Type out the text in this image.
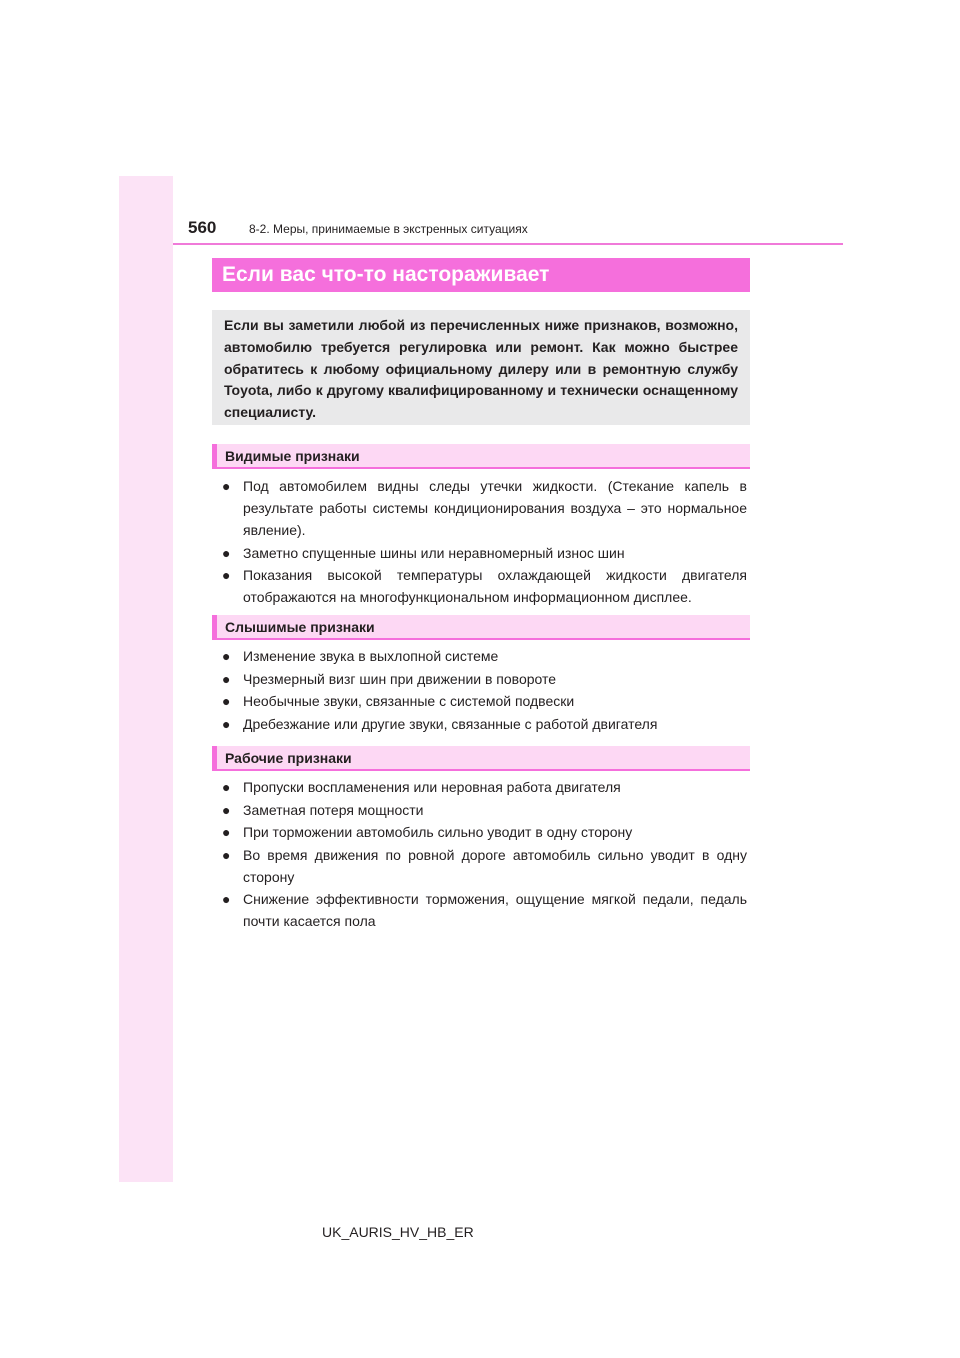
560	8-2. Меры, принимаемые в экстренных ситуациях
Если вас что-то настораживает

Если вы заметили любой из перечисленных ниже признаков, возможно, автомобилю требуется регулировка или ремонт. Как можно быстрее обратитесь к любому официальному дилеру или в ремонтную службу Toyota, либо к другому квалифицированному и технически оснащенному специалисту.

Видимые признаки
● Под автомобилем видны следы утечки жидкости. (Стекание капель в результате работы системы кондиционирования воздуха – это нормальное явление).
● Заметно спущенные шины или неравномерный износ шин
● Показания высокой температуры охлаждающей жидкости двигателя отображаются на многофункциональном информационном дисплее.
Слышимые признаки
● Изменение звука в выхлопной системе
● Чрезмерный визг шин при движении в повороте
● Необычные звуки, связанные с системой подвески
● Дребезжание или другие звуки, связанные с работой двигателя
Рабочие признаки
● Пропуски воспламенения или неровная работа двигателя
● Заметная потеря мощности
● При торможении автомобиль сильно уводит в одну сторону
● Во время движения по ровной дороге автомобиль сильно уводит в одну сторону
● Снижение эффективности торможения, ощущение мягкой педали, педаль почти касается пола
UK_AURIS_HV_HB_ER
